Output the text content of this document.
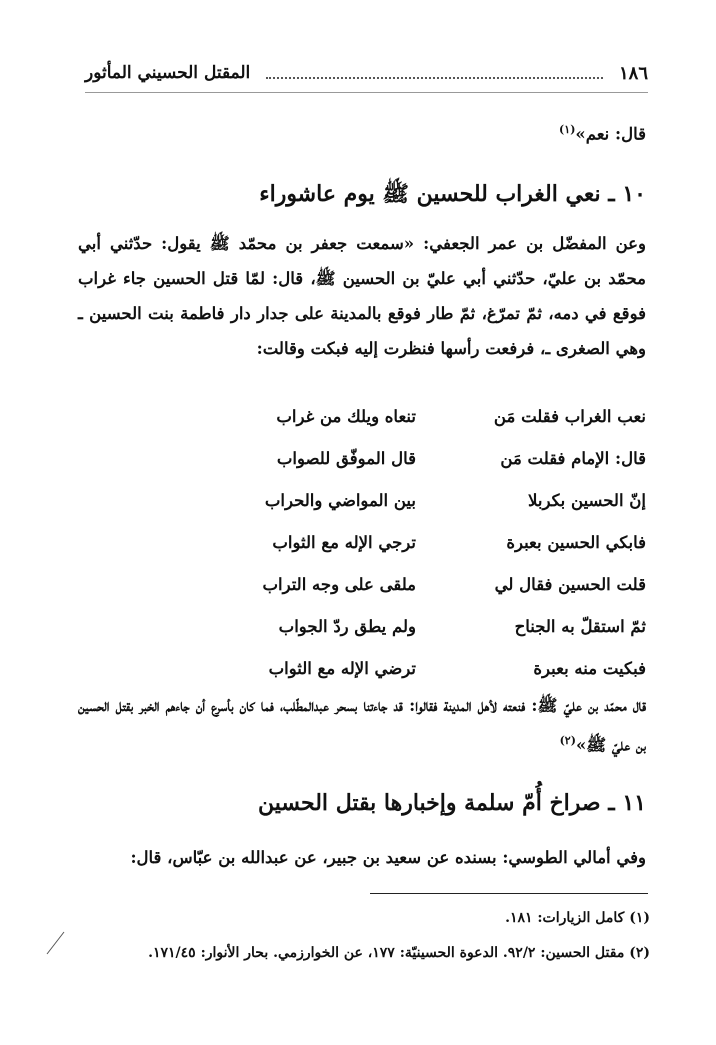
١٨٦
المقتل الحسيني المأثور
قال: نعم»$^{(١)}$
١٠ ـ نعي الغراب للحسين ﷺ يوم عاشوراء
وعن المفضّل بن عمر الجعفي: «سمعت جعفر بن محمّد ﷺ يقول: حدّثني أبي محمّد بن عليّ، حدّثني أبي عليّ بن الحسين ﷺ، قال: لمّا قتل الحسين جاء غراب فوقع في دمه، ثمّ تمرّغ، ثمّ طار فوقع بالمدينة على جدار دار فاطمة بنت الحسين ـ وهي الصغرى ـ، فرفعت رأسها فنظرت إليه فبكت وقالت:
نعب الغراب فقلت مَن
تنعاه ويلك من غراب
قال: الإمام فقلت مَن
قال الموفّق للصواب
إنّ الحسين بكربلا
بين المواضي والحراب
فابكي الحسين بعبرة
ترجي الإله مع الثواب
قلت الحسين فقال لي
ملقى على وجه التراب
ثمّ استقلّ به الجناح
ولم يطق ردّ الجواب
فبكيت منه بعبرة
ترضي الإله مع الثواب
قال محمّد بن عليّ ﷺ: فنعته لأهل المدينة فقالوا: قد جاءتنا بسحر عبدالمطّلب، فما كان بأسرع أن جاءهم الخبر بقتل الحسين بن عليّ ﷺ»$^{(٢)}$
١١ ـ صراخ أُمّ سلمة وإخبارها بقتل الحسين
وفي أمالي الطوسي: بسنده عن سعيد بن جبير، عن عبدالله بن عبّاس، قال:
(١) كامل الزيارات: ١٨١.
(٢) مقتل الحسين: ٩٢/٢. الدعوة الحسينيّة: ١٧٧، عن الخوارزمي. بحار الأنوار: ١٧١/٤٥.
